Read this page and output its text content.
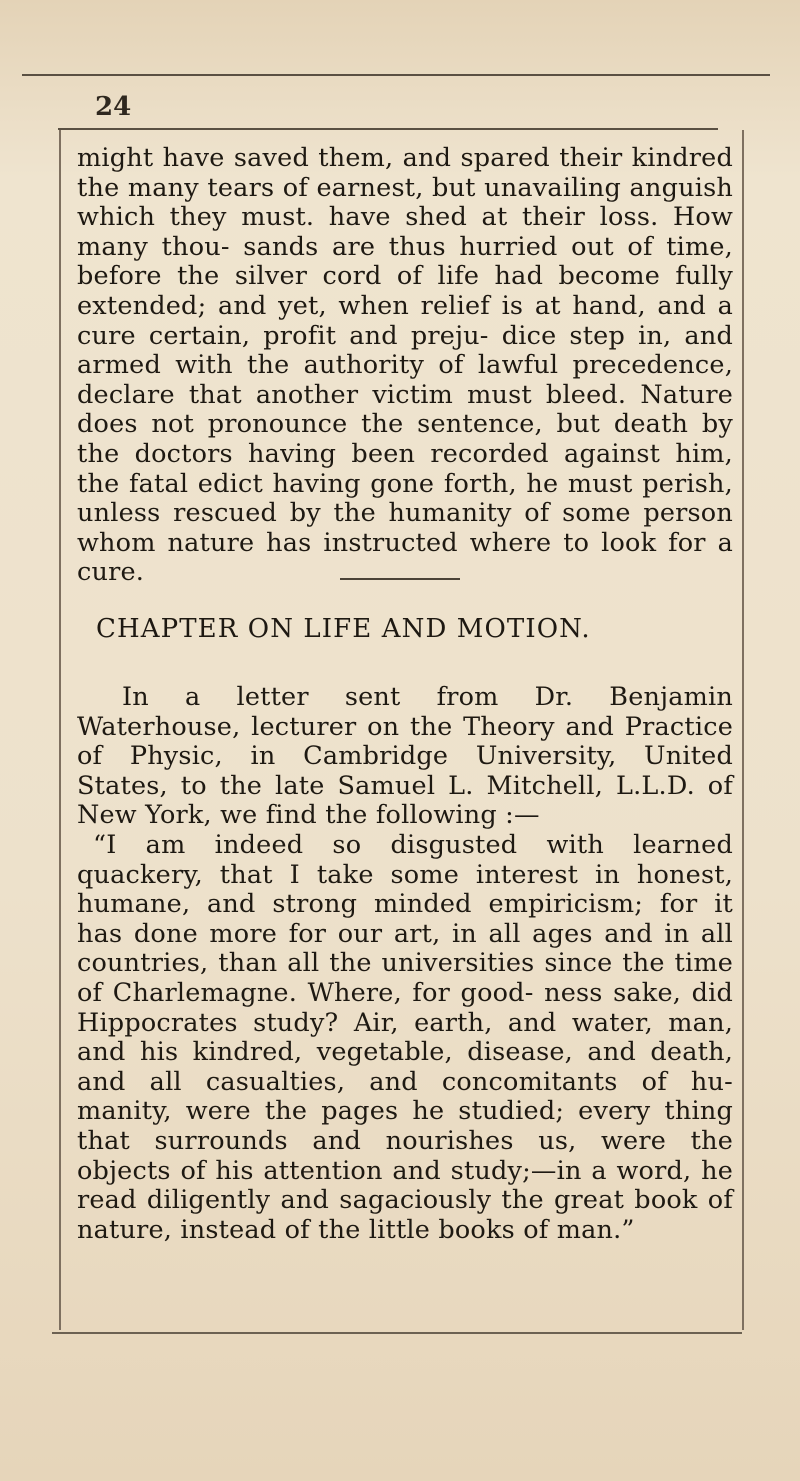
24
might have saved them, and spared their kindred the many tears of earnest, but unavailing anguish which they must. have shed at their loss. How many thou- sands are thus hurried out of time, before the silver cord of life had become fully extended; and yet, when relief is at hand, and a cure certain, profit and preju- dice step in, and armed with the authority of lawful precedence, declare that another victim must bleed. Nature does not pronounce the sentence, but death by the doctors having been recorded against him, the fatal edict having gone forth, he must perish, unless rescued by the humanity of some person whom nature has instructed where to look for a cure.
CHAPTER ON LIFE AND MOTION.
In a letter sent from Dr. Benjamin Waterhouse, lecturer on the Theory and Practice of Physic, in Cambridge University, United States, to the late Samuel L. Mitchell, L.L.D. of New York, we find the following :—
“I am indeed so disgusted with learned quackery, that I take some interest in honest, humane, and strong minded empiricism; for it has done more for our art, in all ages and in all countries, than all the universities since the time of Charlemagne. Where, for good- ness sake, did Hippocrates study? Air, earth, and water, man, and his kindred, vegetable, disease, and death, and all casualties, and concomitants of hu- manity, were the pages he studied; every thing that surrounds and nourishes us, were the objects of his attention and study;—in a word, he read diligently and sagaciously the great book of nature, instead of the little books of man.”
